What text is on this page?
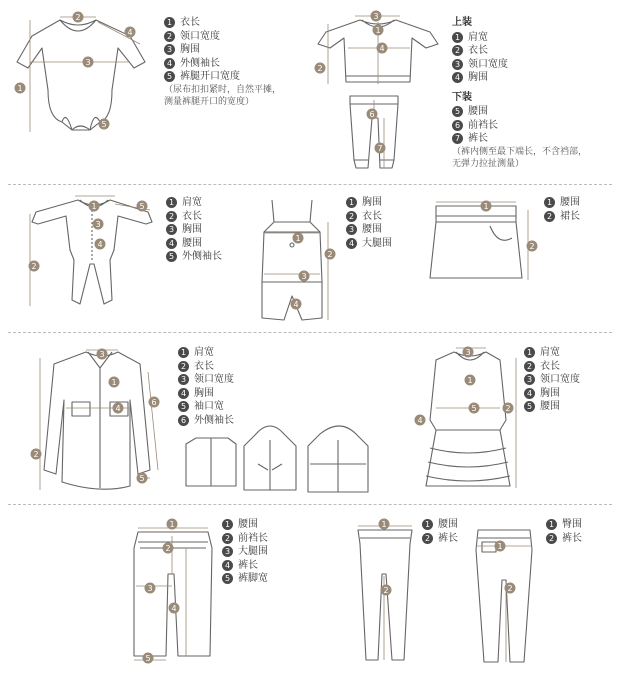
2
3
1
4
5
3
1
4
2
6
7
1
3
4
2
5
1
3
2
4
1
2
3
1
4
2
6
5
3
1
5	2
4
1
2
3
4
5
1
2
1
2
1 衣长
2 领口宽度
3 胸围
4 外侧袖长
5 裤腿开口宽度
（尿布扣扣紧时，自然平摊，
测量裤腿开口的宽度）
上装
1 肩宽
2 衣长
3 领口宽度
4 胸围
下装
5 腰围
6 前裆长
7 裤长
（裤内侧至最下端长，不含裆部，
无弹力拉扯测量）
1 肩宽
2 衣长
3 胸围
4 腰围
5 外侧袖长
1 胸围
2 衣长
3 腰围
4 大腿围
1 腰围
2 裙长
1 肩宽
2 衣长
3 领口宽度
4 胸围
5 袖口宽
6 外侧袖长
1 肩宽
2 衣长
3 领口宽度
4 胸围
5 腰围
1 腰围
2 前裆长
3 大腿围
4 裤长
5 裤脚宽
1 腰围
2 裤长
1 臀围
2 裤长
